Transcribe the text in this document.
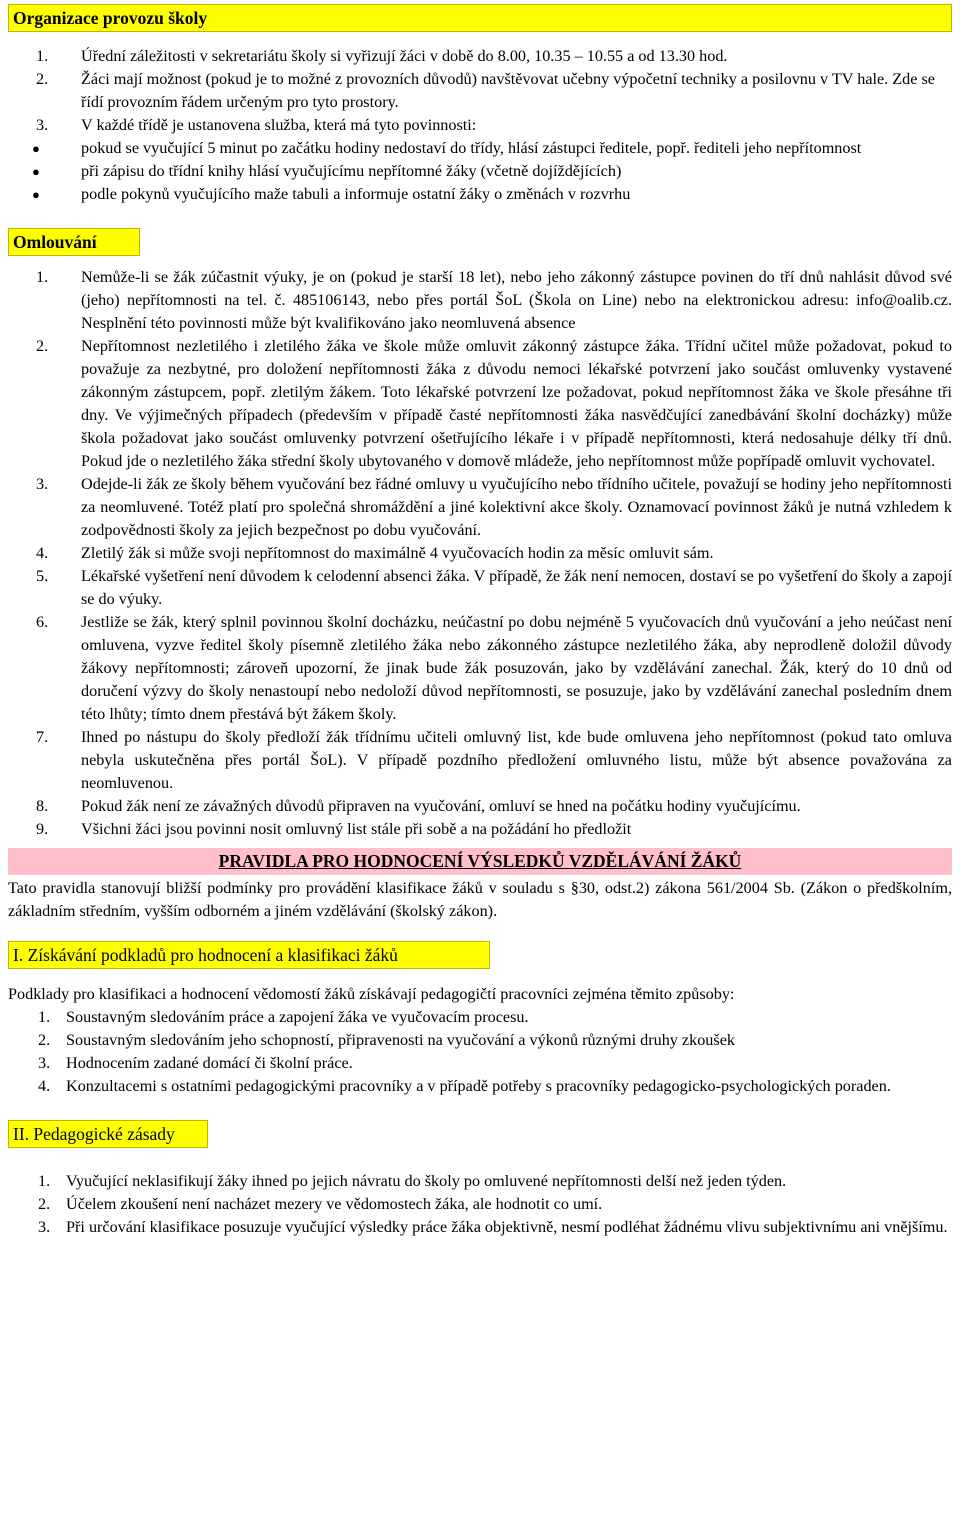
Organizace provozu školy
1.	Úřední záležitosti v sekretariátu školy si vyřizují žáci v době do 8.00, 10.35 – 10.55 a od 13.30 hod.
2.	Žáci mají možnost (pokud je to možné z provozních důvodů) navštěvovat učebny výpočetní techniky a posilovnu v TV hale. Zde se řídí provozním řádem určeným pro tyto prostory.
3.	V každé třídě je ustanovena služba, která má tyto povinnosti:
●	pokud se vyučující 5 minut po začátku hodiny nedostaví do třídy, hlásí zástupci ředitele, popř. řediteli jeho nepřítomnost
●	při zápisu do třídní knihy hlásí vyučujícímu nepřítomné žáky (včetně dojíždějících)
●	podle pokynů vyučujícího maže tabuli a informuje ostatní žáky o změnách v rozvrhu
Omlouvání
1.	Nemůže-li se žák zúčastnit výuky, je on (pokud je starší 18 let), nebo jeho zákonný zástupce povinen do tří dnů nahlásit důvod své (jeho) nepřítomnosti na tel. č. 485106143, nebo přes portál ŠoL (Škola on Line) nebo na elektronickou adresu: info@oalib.cz. Nesplnění této povinnosti může být kvalifikováno jako neomluvená absence
2.	Nepřítomnost nezletilého i zletilého žáka ve škole může omluvit zákonný zástupce žáka. Třídní učitel může požadovat, pokud to považuje za nezbytné, pro doložení nepřítomnosti žáka z důvodu nemoci lékařské potvrzení jako součást omluvenky vystavené zákonným zástupcem, popř. zletilým žákem. Toto lékařské potvrzení lze požadovat, pokud nepřítomnost žáka ve škole přesáhne tři dny. Ve výjimečných případech (především v případě časté nepřítomnosti žáka nasvědčující zanedbávání školní docházky) může škola požadovat jako součást omluvenky potvrzení ošetřujícího lékaře i v případě nepřítomnosti, která nedosahuje délky tří dnů. Pokud jde o nezletilého žáka střední školy ubytovaného v domově mládeže, jeho nepřítomnost může popřípadě omluvit vychovatel.
3.	Odejde-li žák ze školy během vyučování bez řádné omluvy u vyučujícího nebo třídního učitele, považují se hodiny jeho nepřítomnosti za neomluvené. Totéž platí pro společná shromáždění a jiné kolektivní akce školy. Oznamovací povinnost žáků je nutná vzhledem k zodpovědnosti školy za jejich bezpečnost po dobu vyučování.
4.	Zletilý žák si může svoji nepřítomnost do maximálně 4 vyučovacích hodin za měsíc omluvit sám.
5.	Lékařské vyšetření není důvodem k celodenní absenci žáka. V případě, že žák není nemocen, dostaví se po vyšetření do školy a zapojí se do výuky.
6.	Jestliže se žák, který splnil povinnou školní docházku, neúčastní po dobu nejméně 5 vyučovacích dnů vyučování a jeho neúčast není omluvena, vyzve ředitel školy písemně zletilého žáka nebo zákonného zástupce nezletilého žáka, aby neprodleně doložil důvody žákovy nepřítomnosti; zároveň upozorní, že jinak bude žák posuzován, jako by vzdělávání zanechal. Žák, který do 10 dnů od doručení výzvy do školy nenastoupí nebo nedoloží důvod nepřítomnosti, se posuzuje, jako by vzdělávání zanechal posledním dnem této lhůty; tímto dnem přestává být žákem školy.
7.	Ihned po nástupu do školy předloží žák třídnímu učiteli omluvný list, kde bude omluvena jeho nepřítomnost (pokud tato omluva nebyla uskutečněna přes portál ŠoL). V případě pozdního předložení omluvného listu, může být absence považována za neomluvenou.
8.	Pokud žák není ze závažných důvodů připraven na vyučování, omluví se hned na počátku hodiny vyučujícímu.
9.	Všichni žáci jsou povinni nosit omluvný list stále při sobě a na požádání ho předložit
PRAVIDLA PRO HODNOCENÍ VÝSLEDKŮ VZDĚLÁVÁNÍ ŽÁKŮ

Tato pravidla stanovují bližší podmínky pro provádění klasifikace žáků v souladu s §30, odst.2) zákona 561/2004 Sb. (Zákon o předškolním, základním středním, vyšším odborném a jiném vzdělávání (školský zákon).

I. Získávání podkladů pro hodnocení a klasifikaci žáků

Podklady pro klasifikaci a hodnocení vědomostí žáků získávají pedagogičtí pracovníci zejména těmito způsoby:

1. Soustavným sledováním práce a zapojení žáka ve vyučovacím procesu.
2. Soustavným sledováním jeho schopností, připravenosti na vyučování a výkonů různými druhy zkoušek
3. Hodnocením zadané domácí či školní práce.
4. Konzultacemi s ostatními pedagogickými pracovníky a v případě potřeby s pracovníky pedagogicko-psychologických poraden.
II. Pedagogické zásady
1. Vyučující neklasifikují žáky ihned po jejich návratu do školy po omluvené nepřítomnosti delší než jeden týden.
2. Účelem zkoušení není nacházet mezery ve vědomostech žáka, ale hodnotit co umí.
3. Při určování klasifikace posuzuje vyučující výsledky práce žáka objektivně, nesmí podléhat žádnému vlivu subjektivnímu ani vnějšímu.
